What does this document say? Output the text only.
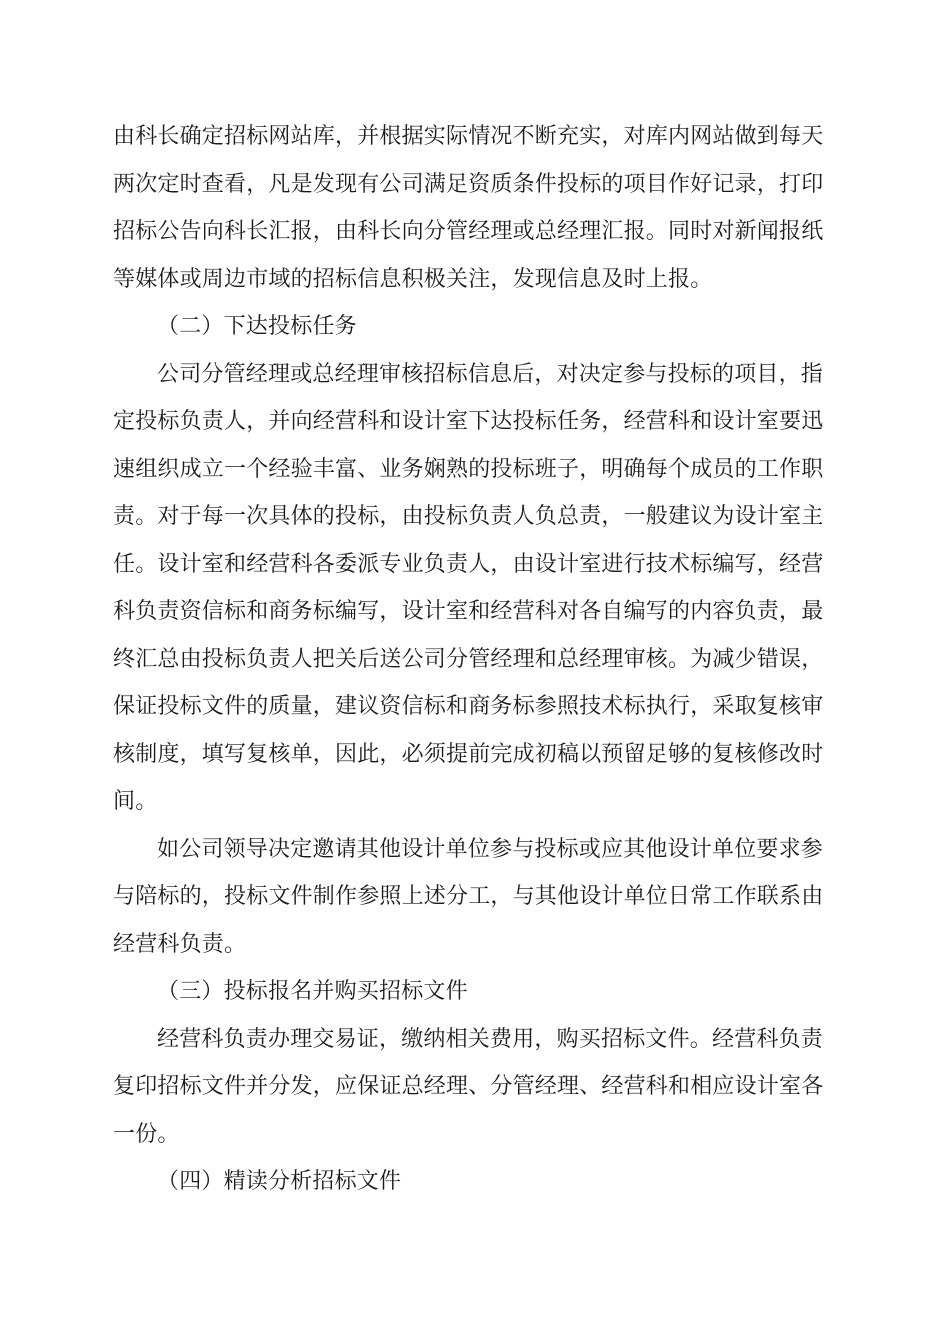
由科长确定招标网站库，并根据实际情况不断充实，对库内网站做到每天
两次定时查看，凡是发现有公司满足资质条件投标的项目作好记录，打印
招标公告向科长汇报，由科长向分管经理或总经理汇报。同时对新闻报纸
等媒体或周边市域的招标信息积极关注，发现信息及时上报。
（二）下达投标任务
公司分管经理或总经理审核招标信息后，对决定参与投标的项目，指
定投标负责人，并向经营科和设计室下达投标任务，经营科和设计室要迅
速组织成立一个经验丰富、业务娴熟的投标班子，明确每个成员的工作职
责。对于每一次具体的投标，由投标负责人负总责，一般建议为设计室主
任。设计室和经营科各委派专业负责人，由设计室进行技术标编写，经营
科负责资信标和商务标编写，设计室和经营科对各自编写的内容负责，最
终汇总由投标负责人把关后送公司分管经理和总经理审核。为减少错误，
保证投标文件的质量，建议资信标和商务标参照技术标执行，采取复核审
核制度，填写复核单，因此，必须提前完成初稿以预留足够的复核修改时
间。
如公司领导决定邀请其他设计单位参与投标或应其他设计单位要求参
与陪标的，投标文件制作参照上述分工，与其他设计单位日常工作联系由
经营科负责。
（三）投标报名并购买招标文件
经营科负责办理交易证，缴纳相关费用，购买招标文件。经营科负责
复印招标文件并分发，应保证总经理、分管经理、经营科和相应设计室各
一份。
（四）精读分析招标文件
